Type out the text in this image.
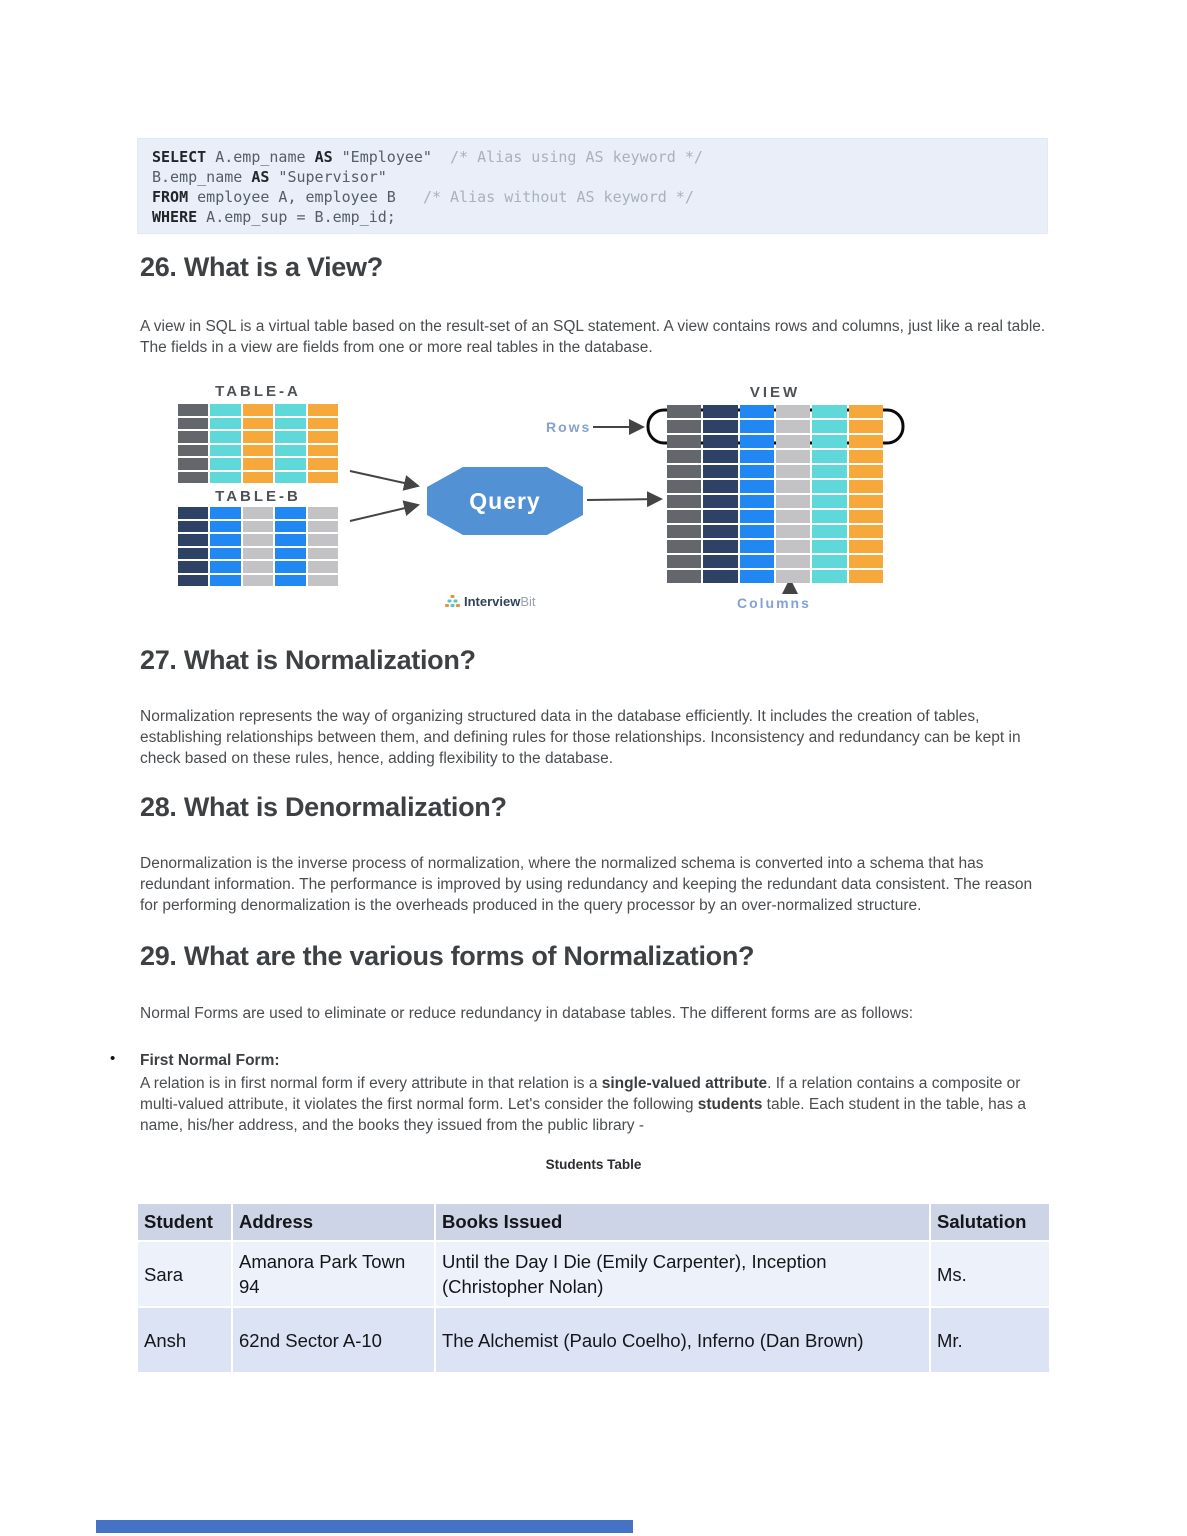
SELECT A.emp_name AS "Employee"  /* Alias using AS keyword */
B.emp_name AS "Supervisor"
FROM employee A, employee B   /* Alias without AS keyword */
WHERE A.emp_sup = B.emp_id;
26. What is a View?
A view in SQL is a virtual table based on the result-set of an SQL statement. A view contains rows and columns, just like a real table. The fields in a view are fields from one or more real tables in the database.
TABLE-A
TABLE-B	Query
VIEW
Rows
Columns
InterviewBit
27. What is Normalization?
Normalization represents the way of organizing structured data in the database efficiently. It includes the creation of tables, establishing relationships between them, and defining rules for those relationships. Inconsistency and redundancy can be kept in check based on these rules, hence, adding flexibility to the database.
28. What is Denormalization?
Denormalization is the inverse process of normalization, where the normalized schema is converted into a schema that has redundant information. The performance is improved by using redundancy and keeping the redundant data consistent. The reason for performing denormalization is the overheads produced in the query processor by an over-normalized structure.
29. What are the various forms of Normalization?
Normal Forms are used to eliminate or reduce redundancy in database tables. The different forms are as follows:
• First Normal Form:
A relation is in first normal form if every attribute in that relation is a single-valued attribute. If a relation contains a composite or multi-valued attribute, it violates the first normal form. Let's consider the following students table. Each student in the table, has a name, his/her address, and the books they issued from the public library -
Students Table
Student	Address	Books Issued	Salutation
Sara	Amanora Park Town 94	Until the Day I Die (Emily Carpenter), Inception (Christopher Nolan)	Ms.
Ansh	62nd Sector A-10	The Alchemist (Paulo Coelho), Inferno (Dan Brown)	Mr.
